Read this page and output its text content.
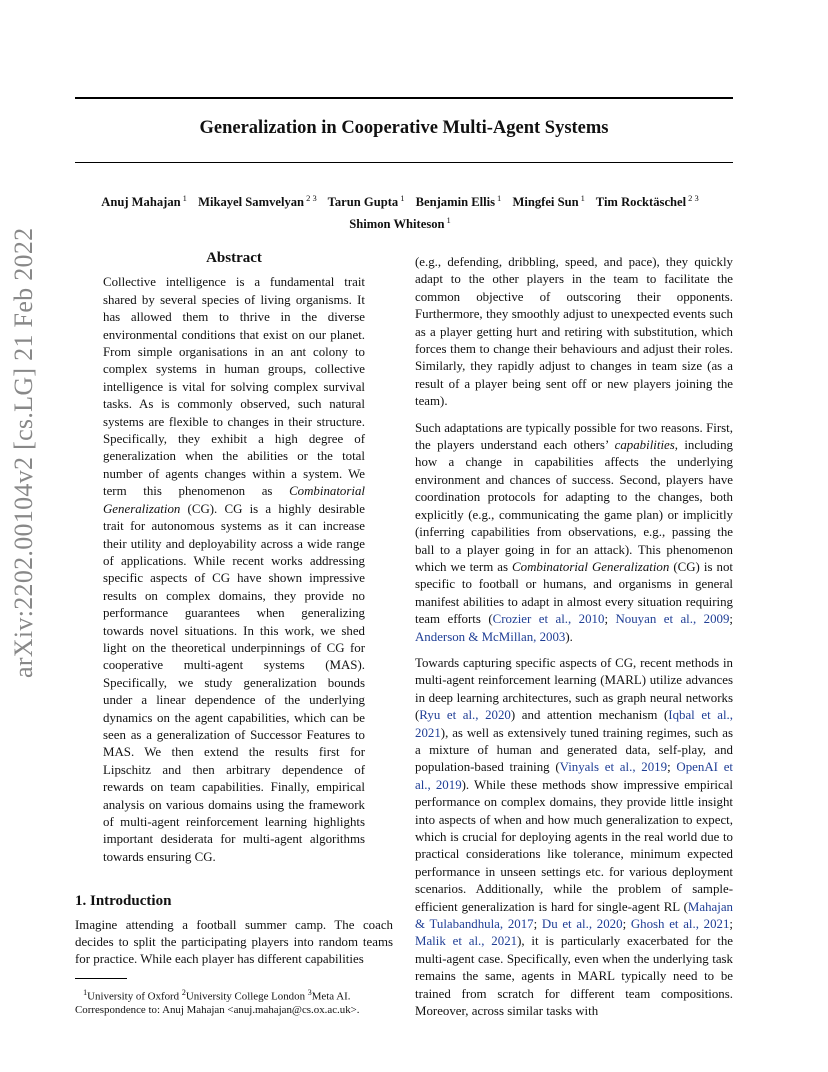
Generalization in Cooperative Multi-Agent Systems
Anuj Mahajan $^1$ Mikayel Samvelyan $^{2 3}$ Tarun Gupta $^1$ Benjamin Ellis $^1$ Mingfei Sun $^1$ Tim Rocktäschel $^{2 3}$
Shimon Whiteson $^1$
arXiv:2202.00104v2 [cs.LG] 21 Feb 2022	Abstract

Collective intelligence is a fundamental trait shared by several species of living organisms. It has allowed them to thrive in the diverse environmental conditions that exist on our planet. From simple organisations in an ant colony to complex systems in human groups, collective intelligence is vital for solving complex survival tasks. As is commonly observed, such natural systems are flexible to changes in their structure. Specifically, they exhibit a high degree of generalization when the abilities or the total number of agents changes within a system. We term this phenomenon as Combinatorial Generalization (CG). CG is a highly desirable trait for autonomous systems as it can increase their utility and deployability across a wide range of applications. While recent works addressing specific aspects of CG have shown impressive results on complex domains, they provide no performance guarantees when generalizing towards novel situations. In this work, we shed light on the theoretical underpinnings of CG for cooperative multi-agent systems (MAS). Specifically, we study generalization bounds under a linear dependence of the underlying dynamics on the agent capabilities, which can be seen as a generalization of Successor Features to MAS. We then extend the results first for Lipschitz and then arbitrary dependence of rewards on team capabilities. Finally, empirical analysis on various domains using the framework of multi-agent reinforcement learning highlights important desiderata for multi-agent algorithms towards ensuring CG.

1. Introduction

Imagine attending a football summer camp. The coach decides to split the participating players into random teams for practice. While each player has different capabilities

$^1$University of Oxford $^2$University College London $^3$Meta AI.
Correspondence to: Anuj Mahajan <anuj.mahajan@cs.ox.ac.uk>.

(e.g., defending, dribbling, speed, and pace), they quickly adapt to the other players in the team to facilitate the common objective of outscoring their opponents. Furthermore, they smoothly adjust to unexpected events such as a player getting hurt and retiring with substitution, which forces them to change their behaviours and adjust their roles. Similarly, they rapidly adjust to changes in team size (as a result of a player being sent off or new players joining the team).

Such adaptations are typically possible for two reasons. First, the players understand each others’ capabilities, including how a change in capabilities affects the underlying environment and chances of success. Second, players have coordination protocols for adapting to the changes, both explicitly (e.g., communicating the game plan) or implicitly (inferring capabilities from observations, e.g., passing the ball to a player going in for an attack). This phenomenon which we term as Combinatorial Generalization (CG) is not specific to football or humans, and organisms in general manifest abilities to adapt in almost every situation requiring team efforts (Crozier et al., 2010; Nouyan et al., 2009; Anderson & McMillan, 2003).

Towards capturing specific aspects of CG, recent methods in multi-agent reinforcement learning (MARL) utilize advances in deep learning architectures, such as graph neural networks (Ryu et al., 2020) and attention mechanism (Iqbal et al., 2021), as well as extensively tuned training regimes, such as a mixture of human and generated data, self-play, and population-based training (Vinyals et al., 2019; OpenAI et al., 2019). While these methods show impressive empirical performance on complex domains, they provide little insight into aspects of when and how much generalization to expect, which is crucial for deploying agents in the real world due to practical considerations like tolerance, minimum expected performance in unseen settings etc. for various deployment scenarios. Additionally, while the problem of sample-efficient generalization is hard for single-agent RL (Mahajan & Tulabandhula, 2017; Du et al., 2020; Ghosh et al., 2021; Malik et al., 2021), it is particularly exacerbated for the multi-agent case. Specifically, even when the underlying task remains the same, agents in MARL typically need to be trained from scratch for different team compositions. Moreover, across similar tasks with
